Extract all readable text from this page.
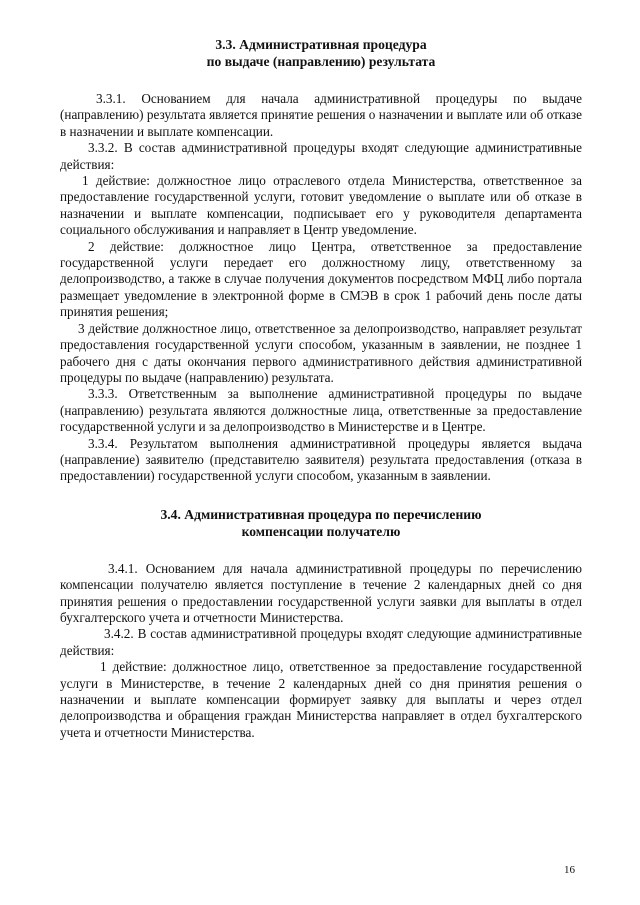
3.3. Административная процедура
по выдаче (направлению) результата

3.3.1. Основанием для начала административной процедуры по выдаче (направлению) результата является принятие решения о назначении и выплате или об отказе в назначении и выплате компенсации.

3.3.2. В состав административной процедуры входят следующие административные действия:

1 действие: должностное лицо отраслевого отдела Министерства, ответственное за предоставление государственной услуги, готовит уведомление о выплате или об отказе в назначении и выплате компенсации, подписывает его у руководителя департамента социального обслуживания и направляет в Центр уведомление.

2 действие: должностное лицо Центра, ответственное за предоставление государственной услуги передает его должностному лицу, ответственному за делопроизводство, а также в случае получения документов посредством МФЦ либо портала размещает уведомление в электронной форме в СМЭВ в срок 1 рабочий день после даты принятия решения;

3 действие должностное лицо, ответственное за делопроизводство, направляет результат предоставления государственной услуги способом, указанным в заявлении, не позднее 1 рабочего дня с даты окончания первого административного действия административной процедуры по выдаче (направлению) результата.

3.3.3. Ответственным за выполнение административной процедуры по выдаче (направлению) результата являются должностные лица, ответственные за предоставление государственной услуги и за делопроизводство в Министерстве и в Центре.

3.3.4. Результатом выполнения административной процедуры является выдача (направление) заявителю (представителю заявителя) результата предоставления (отказа в предоставлении) государственной услуги способом, указанным в заявлении.

3.4. Административная процедура по перечислению
компенсации получателю

3.4.1. Основанием для начала административной процедуры по перечислению компенсации получателю является поступление в течение 2 календарных дней со дня принятия решения о предоставлении государственной услуги заявки для выплаты в отдел бухгалтерского учета и отчетности Министерства.

3.4.2. В состав административной процедуры входят следующие административные действия:

1 действие: должностное лицо, ответственное за предоставление государственной услуги в Министерстве, в течение 2 календарных дней со дня принятия решения о назначении и выплате компенсации формирует заявку для выплаты и через отдел делопроизводства и обращения граждан Министерства направляет в отдел бухгалтерского учета и отчетности Министерства.

16
